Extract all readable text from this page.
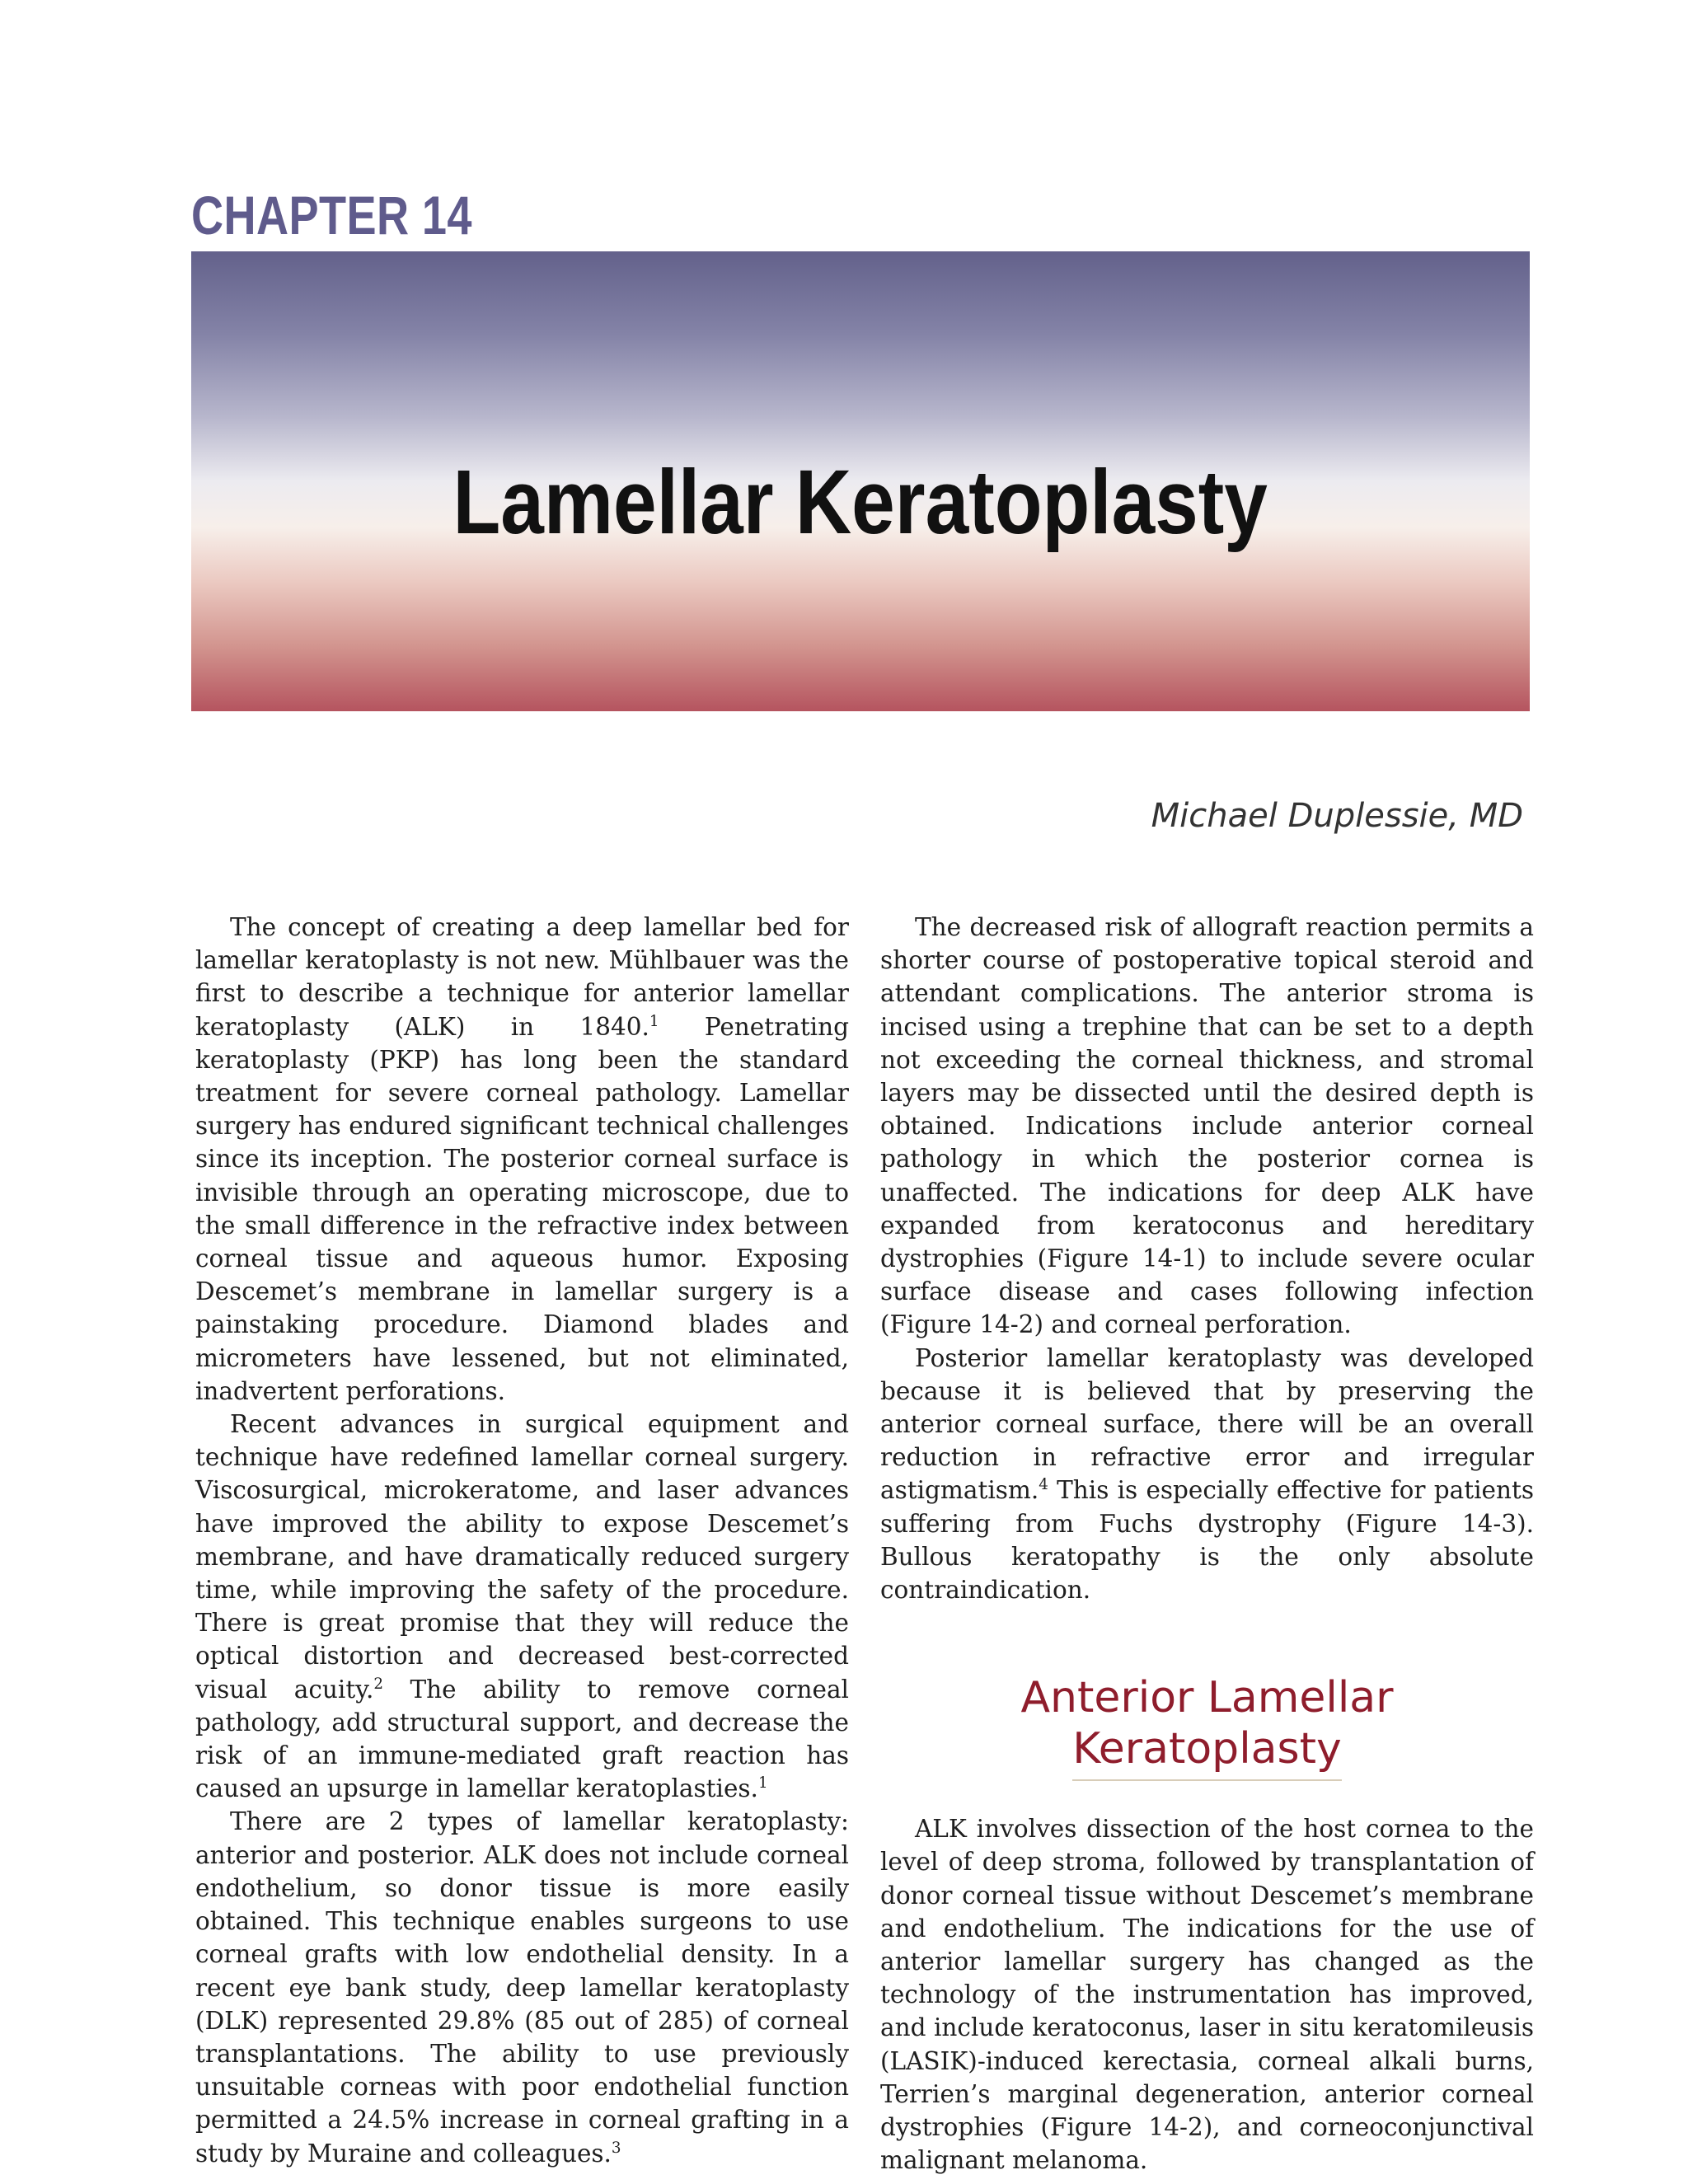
CHAPTER 14
Lamellar Keratoplasty
Michael Duplessie, MD

The concept of creating a deep lamellar bed for lamellar keratoplasty is not new. Mühlbauer was the first to describe a technique for anterior lamellar keratoplasty (ALK) in 1840.$^1$ Penetrating keratoplasty (PKP) has long been the standard treatment for severe corneal pathology. Lamellar surgery has endured significant technical challenges since its inception. The posterior corneal surface is invisible through an operating microscope, due to the small difference in the refractive index between corneal tissue and aqueous humor. Exposing Descemet’s membrane in lamellar surgery is a painstaking procedure. Diamond blades and micrometers have lessened, but not eliminated, inadvertent perforations.

Recent advances in surgical equipment and technique have redefined lamellar corneal surgery. Viscosurgical, microkeratome, and laser advances have improved the ability to expose Descemet’s membrane, and have dramatically reduced surgery time, while improving the safety of the procedure. There is great promise that they will reduce the optical distortion and decreased best-corrected visual acuity.$^2$ The ability to remove corneal pathology, add structural support, and decrease the risk of an immune-mediated graft reaction has caused an upsurge in lamellar keratoplasties.$^1$

There are 2 types of lamellar keratoplasty: anterior and posterior. ALK does not include corneal endothelium, so donor tissue is more easily obtained. This technique enables surgeons to use corneal grafts with low endothelial density. In a recent eye bank study, deep lamellar keratoplasty (DLK) represented 29.8% (85 out of 285) of corneal transplantations. The ability to use previously unsuitable corneas with poor endothelial function permitted a 24.5% increase in corneal grafting in a study by Muraine and colleagues.$^3$

The decreased risk of allograft reaction permits a shorter course of postoperative topical steroid and attendant complications. The anterior stroma is incised using a trephine that can be set to a depth not exceeding the corneal thickness, and stromal layers may be dissected until the desired depth is obtained. Indications include anterior corneal pathology in which the posterior cornea is unaffected. The indications for deep ALK have expanded from keratoconus and hereditary dystrophies (Figure 14-1) to include severe ocular surface disease and cases following infection (Figure 14-2) and corneal perforation.

Posterior lamellar keratoplasty was developed because it is believed that by preserving the anterior corneal surface, there will be an overall reduction in refractive error and irregular astigmatism.$^4$ This is especially effective for patients suffering from Fuchs dystrophy (Figure 14-3). Bullous keratopathy is the only absolute contraindication.

Anterior Lamellar
Keratoplasty

ALK involves dissection of the host cornea to the level of deep stroma, followed by transplantation of donor corneal tissue without Descemet’s membrane and endothelium. The indications for the use of anterior lamellar surgery has changed as the technology of the instrumentation has improved, and include keratoconus, laser in situ keratomileusis (LASIK)-induced kerectasia, corneal alkali burns, Terrien’s marginal degeneration, anterior corneal dystrophies (Figure 14-2), and corneoconjunctival malignant melanoma.
